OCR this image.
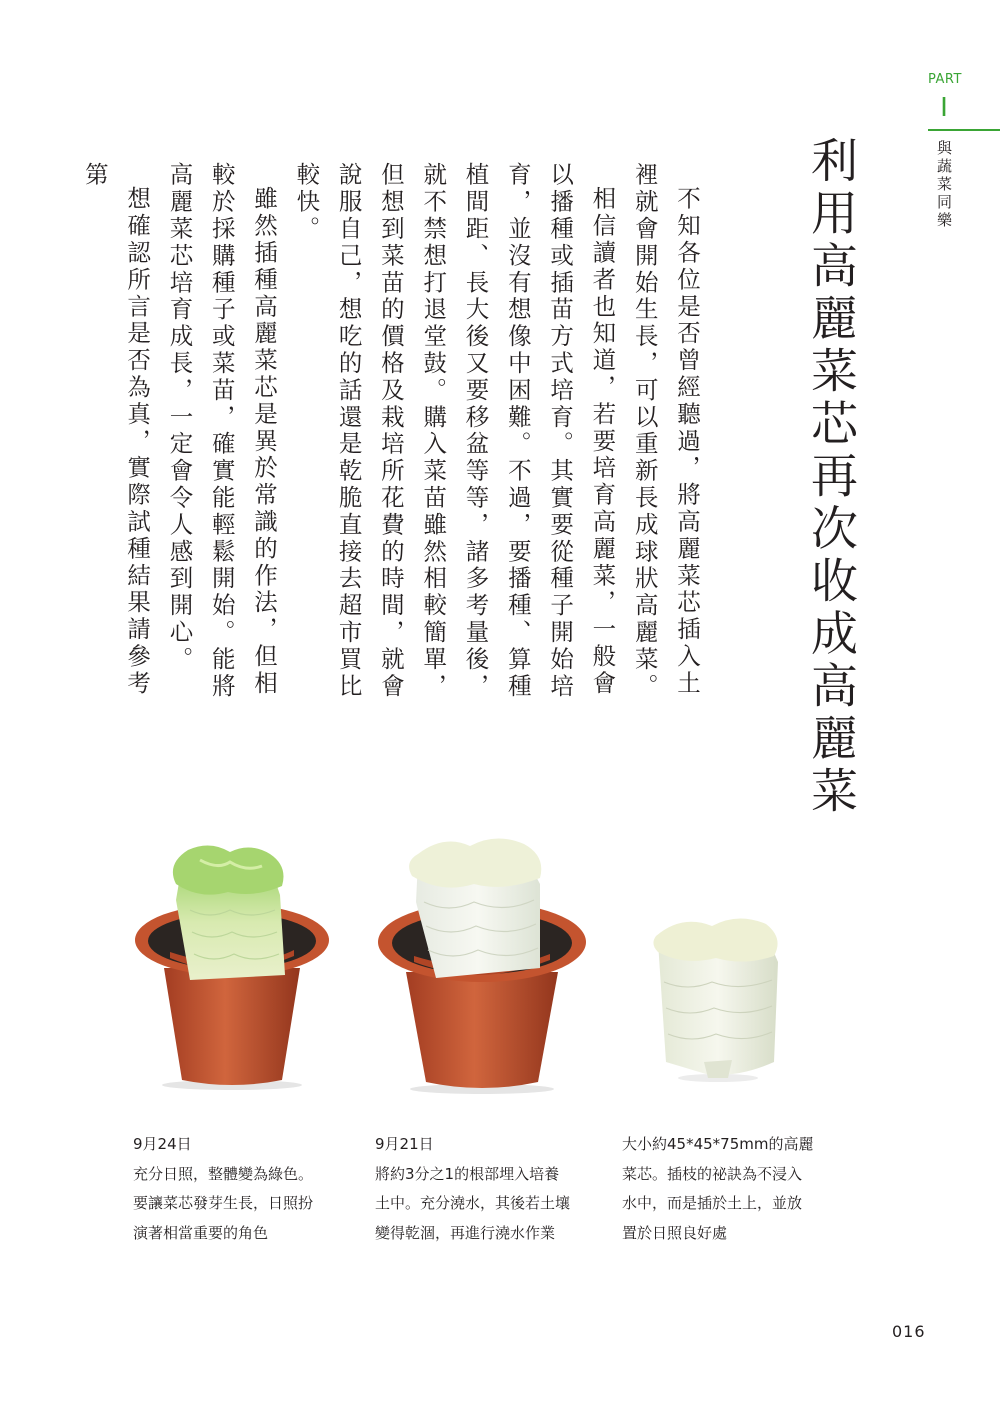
PART
I
與蔬菜同樂
利用高麗菜芯再次收成高麗菜

不知各位是否曾經聽過，將高麗菜芯插入土裡就會開始生長，可以重新長成球狀高麗菜。

相信讀者也知道，若要培育高麗菜，一般會以播種或插苗方式培育。其實要從種子開始培育，並沒有想像中困難。不過，要播種、算種植間距、長大後又要移盆等等，諸多考量後，就不禁想打退堂鼓。購入菜苗雖然相較簡單，但想到菜苗的價格及栽培所花費的時間，就會說服自己，想吃的話還是乾脆直接去超市買比較快。

雖然插種高麗菜芯是異於常識的作法，但相較於採購種子或菜苗，確實能輕鬆開始。能將高麗菜芯培育成長，一定會令人感到開心。

想確認所言是否為真，實際試種結果請參考第

9月24日
充分日照，整體變為綠色。
要讓菜芯發芽生長，日照扮
演著相當重要的角色
9月21日
將約3分之1的根部埋入培養
土中。充分澆水，其後若土壤
變得乾涸，再進行澆水作業
大小約45*45*75mm的高麗
菜芯。插枝的祕訣為不浸入
水中，而是插於土上，並放
置於日照良好處
016
